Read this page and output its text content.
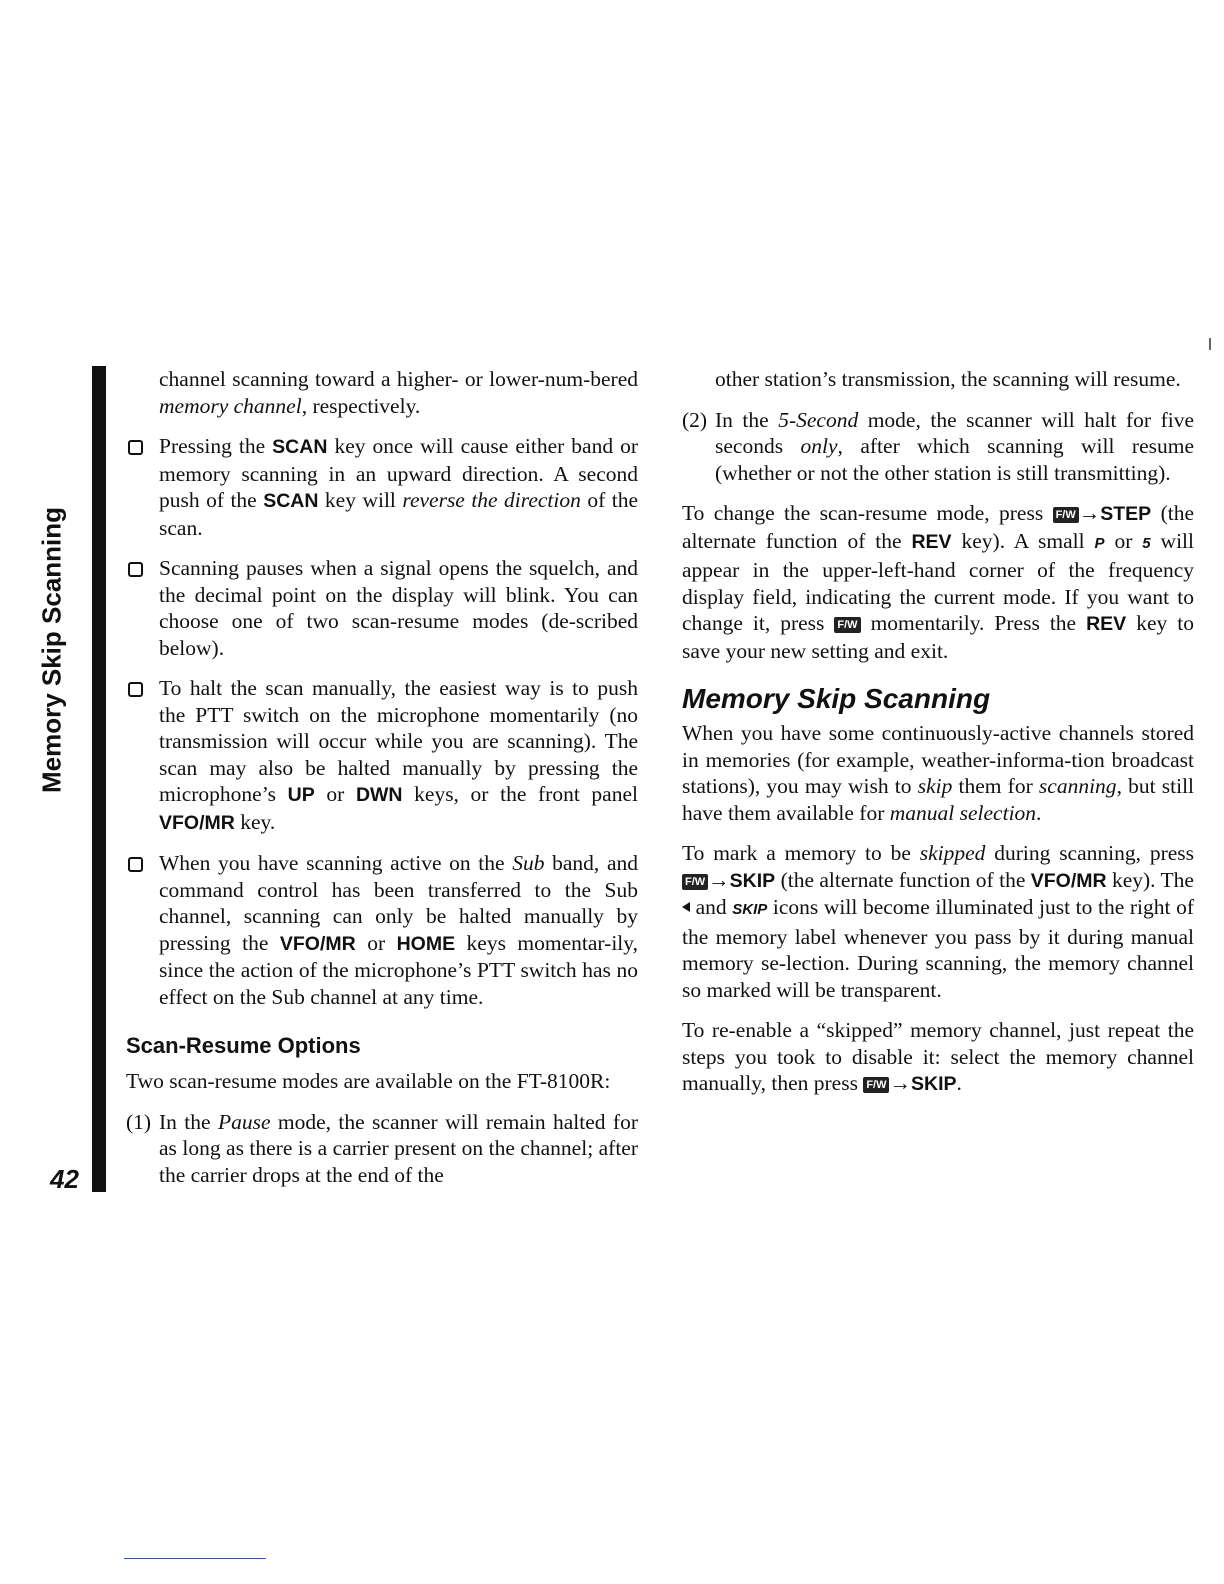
Memory Skip Scanning
42

channel scanning toward a higher- or lower-num-bered memory channel, respectively.

Pressing the SCAN key once will cause either band or memory scanning in an upward direction. A second push of the SCAN key will reverse the direction of the scan.
Scanning pauses when a signal opens the squelch, and the decimal point on the display will blink. You can choose one of two scan-resume modes (de-scribed below).
To halt the scan manually, the easiest way is to push the PTT switch on the microphone momentarily (no transmission will occur while you are scanning). The scan may also be halted manually by pressing the microphone’s UP or DWN keys, or the front panel VFO/MR key.
When you have scanning active on the Sub band, and command control has been transferred to the Sub channel, scanning can only be halted manually by pressing the VFO/MR or HOME keys momentar-ily, since the action of the microphone’s PTT switch has no effect on the Sub channel at any time.
Scan-Resume Options

Two scan-resume modes are available on the FT-8100R:

(1) In the Pause mode, the scanner will remain halted for as long as there is a carrier present on the channel; after the carrier drops at the end of the

other station’s transmission, the scanning will resume.

(2) In the 5-Second mode, the scanner will halt for five seconds only, after which scanning will resume (whether or not the other station is still transmitting).

To change the scan-resume mode, press F/W →STEP (the alternate function of the REV key). A small P or 5 will appear in the upper-left-hand corner of the frequency display field, indicating the current mode. If you want to change it, press F/W momentarily. Press the REV key to save your new setting and exit.

Memory Skip Scanning

When you have some continuously-active channels stored in memories (for example, weather-informa-tion broadcast stations), you may wish to skip them for scanning, but still have them available for manual selection.

To mark a memory to be skipped during scanning, press F/W →SKIP (the alternate function of the VFO/MR key). The  and SKIP icons will become illuminated just to the right of the memory label whenever you pass by it during manual memory se-lection. During scanning, the memory channel so marked will be transparent.

To re-enable a “skipped” memory channel, just repeat the steps you took to disable it: select the memory channel manually, then press F/W →SKIP.
